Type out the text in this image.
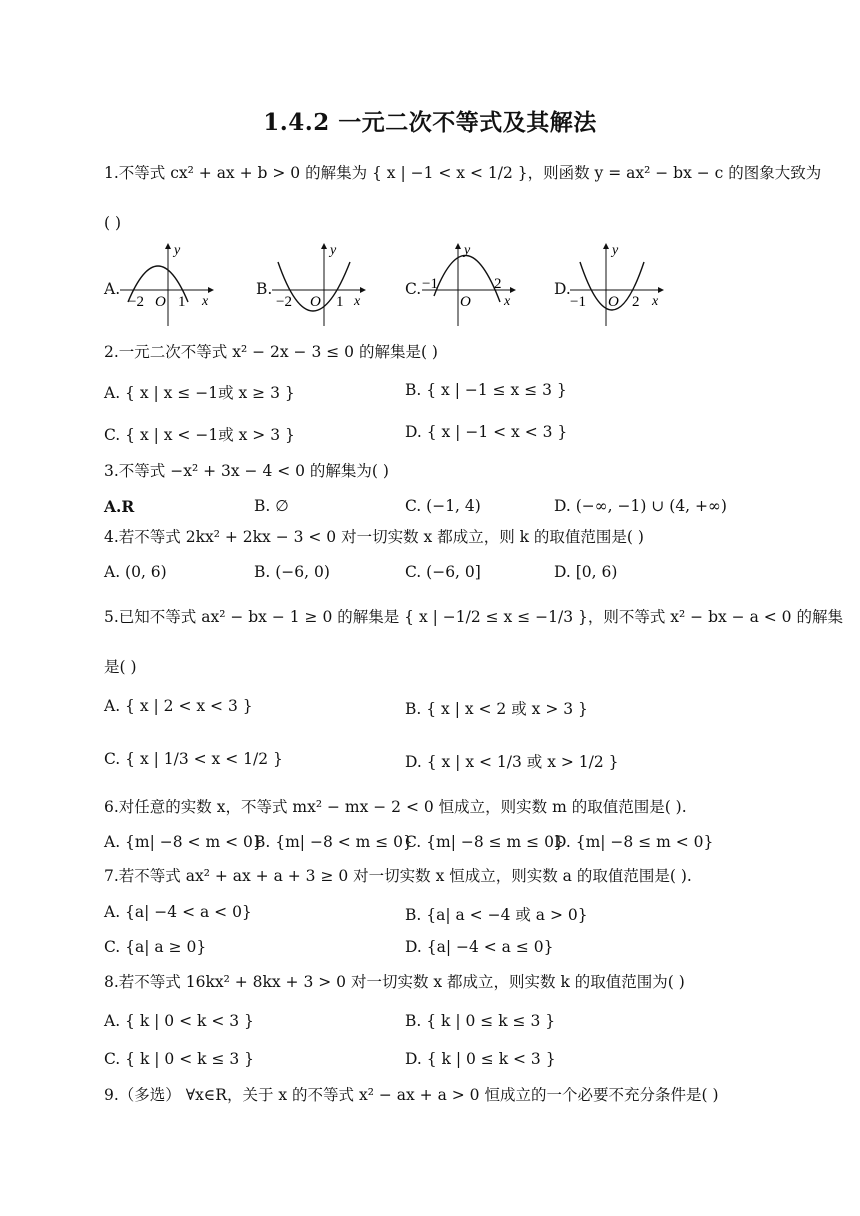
1.4.2 一元二次不等式及其解法
1.不等式 cx² + ax + b > 0 的解集为 { x | −1 < x < 1/2 }，则函数 y = ax² − bx − c 的图象大致为
( )
A.
y
x
−2 O 1
B.
y
x
−2 O 1
C.
y
x
−1
O
2	D.
y
x
−1 O 2
2.一元二次不等式 x² − 2x − 3 ≤ 0 的解集是( )
A. { x | x ≤ −1或 x ≥ 3 }	B. { x | −1 ≤ x ≤ 3 }
C. { x | x < −1或 x > 3 }	D. { x | −1 < x < 3 }
3.不等式 −x² + 3x − 4 < 0 的解集为( )
A.R	B. ∅	C. (−1, 4)	D. (−∞, −1) ∪ (4, +∞)
4.若不等式 2kx² + 2kx − 3 < 0 对一切实数 x 都成立，则 k 的取值范围是( )
A. (0, 6)	B. (−6, 0)	C. (−6, 0]	D. [0, 6)
5.已知不等式 ax² − bx − 1 ≥ 0 的解集是 { x | −1/2 ≤ x ≤ −1/3 }，则不等式 x² − bx − a < 0 的解集
是( )
A. { x | 2 < x < 3 }	B. { x | x < 2 或 x > 3 }
C. { x | 1/3 < x < 1/2 }	D. { x | x < 1/3 或 x > 1/2 }
6.对任意的实数 x，不等式 mx² − mx − 2 < 0 恒成立，则实数 m 的取值范围是( ).
A. {m| −8 < m < 0}
B. {m| −8 < m ≤ 0}
C. {m| −8 ≤ m ≤ 0}
D. {m| −8 ≤ m < 0}
7.若不等式 ax² + ax + a + 3 ≥ 0 对一切实数 x 恒成立，则实数 a 的取值范围是( ).
A. {a| −4 < a < 0}	B. {a| a < −4 或 a > 0}
C. {a| a ≥ 0}	D. {a| −4 < a ≤ 0}
8.若不等式 16kx² + 8kx + 3 > 0 对一切实数 x 都成立，则实数 k 的取值范围为( )
A. { k | 0 < k < 3 }	B. { k | 0 ≤ k ≤ 3 }
C. { k | 0 < k ≤ 3 }	D. { k | 0 ≤ k < 3 }
9.（多选） ∀x∈R，关于 x 的不等式 x² − ax + a > 0 恒成立的一个必要不充分条件是( )
